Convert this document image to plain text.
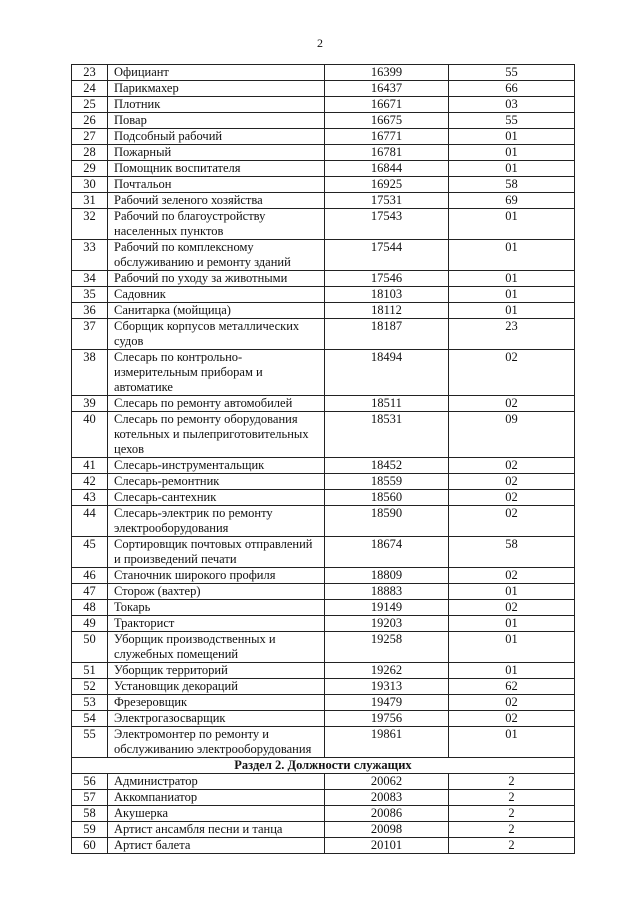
2
23	Официант	16399	55
24	Парикмахер	16437	66
25	Плотник	16671	03
26	Повар	16675	55
27	Подсобный рабочий	16771	01
28	Пожарный	16781	01
29	Помощник воспитателя	16844	01
30	Почтальон	16925	58
31	Рабочий зеленого хозяйства	17531	69
32	Рабочий по благоустройству населенных пунктов	17543	01
33	Рабочий по комплексному обслуживанию и ремонту зданий	17544	01
34	Рабочий по уходу за животными	17546	01
35	Садовник	18103	01
36	Санитарка (мойщица)	18112	01
37	Сборщик корпусов металлических судов	18187	23
38	Слесарь по контрольно-измерительным приборам и автоматике	18494	02
39	Слесарь по ремонту автомобилей	18511	02
40	Слесарь по ремонту оборудования котельных и пылеприготовительных цехов	18531	09
41	Слесарь-инструментальщик	18452	02
42	Слесарь-ремонтник	18559	02
43	Слесарь-сантехник	18560	02
44	Слесарь-электрик по ремонту электрооборудования	18590	02
45	Сортировщик почтовых отправлений и произведений печати	18674	58
46	Станочник широкого профиля	18809	02
47	Сторож (вахтер)	18883	01
48	Токарь	19149	02
49	Тракторист	19203	01
50	Уборщик производственных и служебных помещений	19258	01
51	Уборщик территорий	19262	01
52	Установщик декораций	19313	62
53	Фрезеровщик	19479	02
54	Электрогазосварщик	19756	02
55	Электромонтер по ремонту и обслуживанию электрооборудования	19861	01
Раздел 2. Должности служащих			
56	Администратор	20062	2
57	Аккомпаниатор	20083	2
58	Акушерка	20086	2
59	Артист ансамбля песни и танца	20098	2
60	Артист балета	20101	2
